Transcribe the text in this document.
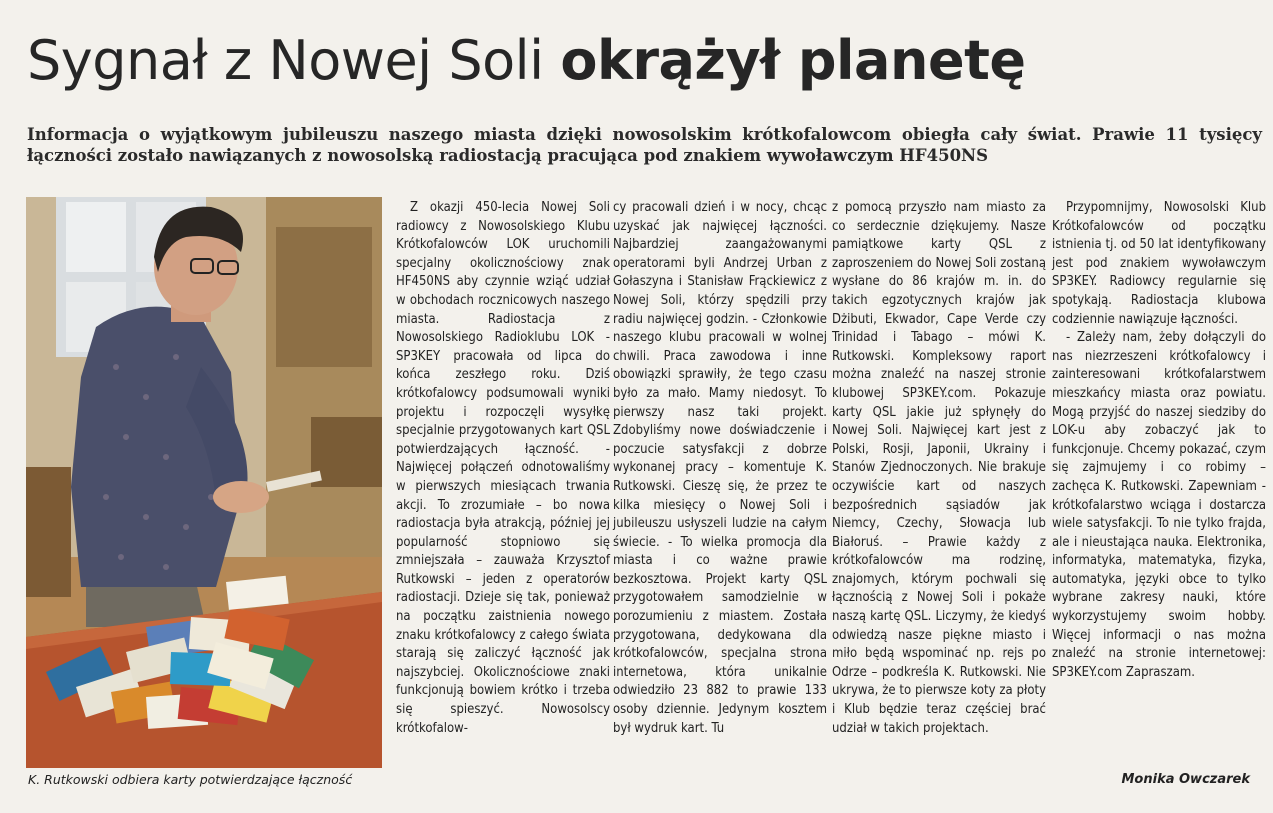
Sygnał z Nowej Soli okrążył planetę
Informacja o wyjątkowym jubileuszu naszego miasta dzięki nowosolskim krótkofalowcom obiegła cały świat. Prawie 11 tysięcy łączności zostało nawiązanych z nowosolską radiostacją pracująca pod znakiem wywoławczym HF450NS
K. Rutkowski odbiera karty potwierdzające łączność

Z okazji 450-lecia Nowej Soli radiowcy z Nowosolskiego Klubu Krótkofalowców LOK uruchomili specjalny okolicznościowy znak HF450NS aby czynnie wziąć udział w obchodach rocznicowych naszego miasta. Radiostacja z Nowosolskiego Radioklubu LOK - SP3KEY pracowała od lipca do końca zeszłego roku. Dziś krótkofalowcy podsumowali wyniki projektu i rozpoczęli wysyłkę specjalnie przygotowanych kart QSL potwierdzających łączność. - Najwięcej połączeń odnotowaliśmy w pierwszych miesiącach trwania akcji. To zrozumiałe – bo nowa radiostacja była atrakcją, później jej popularność stopniowo się zmniejszała – zauważa Krzysztof Rutkowski – jeden z operatorów radiostacji. Dzieje się tak, ponieważ na początku zaistnienia nowego znaku krótkofalowcy z całego świata starają się zaliczyć łączność jak najszybciej. Okolicznościowe znaki funkcjonują bowiem krótko i trzeba się spieszyć. Nowosolscy krótkofalow-

cy pracowali dzień i w nocy, chcąc uzyskać jak najwięcej łączności. Najbardziej zaangażowanymi operatorami byli Andrzej Urban z Gołaszyna i Stanisław Frąckiewicz z Nowej Soli, którzy spędzili przy radiu najwięcej godzin. - Członkowie naszego klubu pracowali w wolnej chwili. Praca zawodowa i inne obowiązki sprawiły, że tego czasu było za mało. Mamy niedosyt. To pierwszy nasz taki projekt. Zdobyliśmy nowe doświadczenie i poczucie satysfakcji z dobrze wykonanej pracy – komentuje K. Rutkowski. Cieszę się, że przez te kilka miesięcy o Nowej Soli i jubileuszu usłyszeli ludzie na całym świecie. - To wielka promocja dla miasta i co ważne prawie bezkosztowa. Projekt karty QSL przygotowałem samodzielnie w porozumieniu z miastem. Została przygotowana, dedykowana dla krótkofalowców, specjalna strona internetowa, która unikalnie odwiedziło 23 882 to prawie 133 osoby dziennie. Jedynym kosztem był wydruk kart. Tu

z pomocą przyszło nam miasto za co serdecznie dziękujemy. Nasze pamiątkowe karty QSL z zaproszeniem do Nowej Soli zostaną wysłane do 86 krajów m. in. do takich egzotycznych krajów jak Dżibuti, Ekwador, Cape Verde czy Trinidad i Tabago – mówi K. Rutkowski. Kompleksowy raport można znaleźć na naszej stronie klubowej SP3KEY.com. Pokazuje karty QSL jakie już spłynęły do Nowej Soli. Najwięcej kart jest z Polski, Rosji, Japonii, Ukrainy i Stanów Zjednoczonych. Nie brakuje oczywiście kart od naszych bezpośrednich sąsiadów jak Niemcy, Czechy, Słowacja lub Białoruś. – Prawie każdy z krótkofalowców ma rodzinę, znajomych, którym pochwali się łącznością z Nowej Soli i pokaże naszą kartę QSL. Liczymy, że kiedyś odwiedzą nasze piękne miasto i miło będą wspominać np. rejs po Odrze – podkreśla K. Rutkowski. Nie ukrywa, że to pierwsze koty za płoty i Klub będzie teraz częściej brać udział w takich projektach.

Przypomnijmy, Nowosolski Klub Krótkofalowców od początku istnienia tj. od 50 lat identyfikowany jest pod znakiem wywoławczym SP3KEY. Radiowcy regularnie się spotykają. Radiostacja klubowa codziennie nawiązuje łączności.

- Zależy nam, żeby dołączyli do nas niezrzeszeni krótkofalowcy i zainteresowani krótkofalarstwem mieszkańcy miasta oraz powiatu. Mogą przyjść do naszej siedziby do LOK-u aby zobaczyć jak to funkcjonuje. Chcemy pokazać, czym się zajmujemy i co robimy – zachęca K. Rutkowski. Zapewniam - krótkofalarstwo wciąga i dostarcza wiele satysfakcji. To nie tylko frajda, ale i nieustająca nauka. Elektronika, informatyka, matematyka, fizyka, automatyka, języki obce to tylko wybrane zakresy nauki, które wykorzystujemy swoim hobby. Więcej informacji o nas można znaleźć na stronie internetowej: SP3KEY.com Zapraszam.

Monika Owczarek
